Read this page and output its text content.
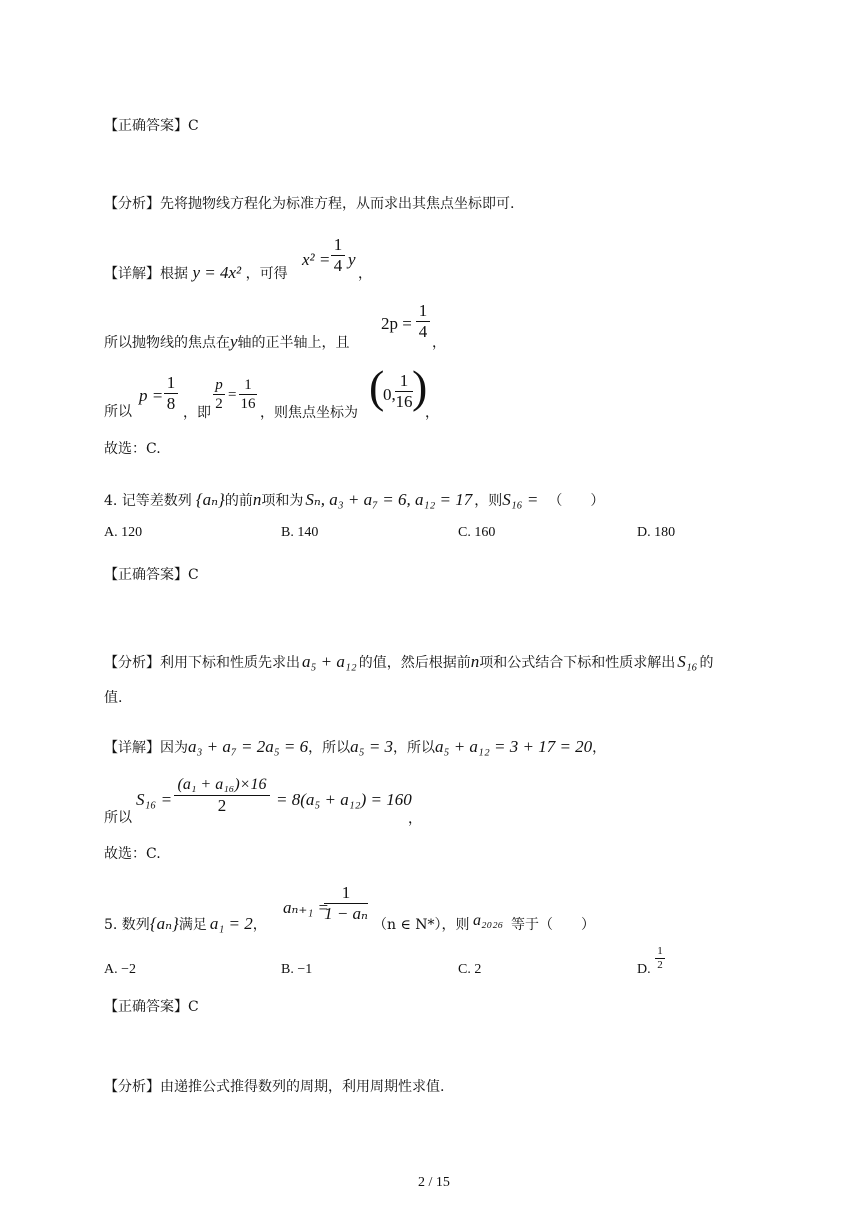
【正确答案】C
【分析】先将抛物线方程化为标准方程，从而求出其焦点坐标即可.
【详解】根据 y = 4x² ，可得
x² =
1
4 y
，
所以抛物线的焦点在y轴的正半轴上，且
2p =
1
4
，
所以
p =
1
8 ，即
p
2
=
1
16
，则焦点坐标为
(
0,
1
16 )
，
故选：C.
4. 记等差数列 {aₙ}的前n项和为 Sₙ, a₃ + a₇ = 6, a₁₂ = 17 ，则S₁₆ = （　　）
A. 120	B. 140	C. 160	D. 180
【正确答案】C
【分析】利用下标和性质先求出 a₅ + a₁₂ 的值，然后根据前n项和公式结合下标和性质求解出 S₁₆ 的
值.
【详解】因为a₃ + a₇ = 2a₅ = 6，所以a₅ = 3，所以a₅ + a₁₂ = 3 + 17 = 20，
所以
S₁₆ =
(a₁ + a₁₆)×16
2	= 8(a₅ + a₁₂) = 160
，
故选：C.
5. 数列{aₙ}满足 a₁ = 2，
aₙ₊₁ =
1
1 − aₙ
（n ∈ N*），则 a₂₀₂₆ 等于（　　）
A. −2	B. −1	C. 2	D.
1
2
【正确答案】C
【分析】由递推公式推得数列的周期，利用周期性求值.
2 / 15
